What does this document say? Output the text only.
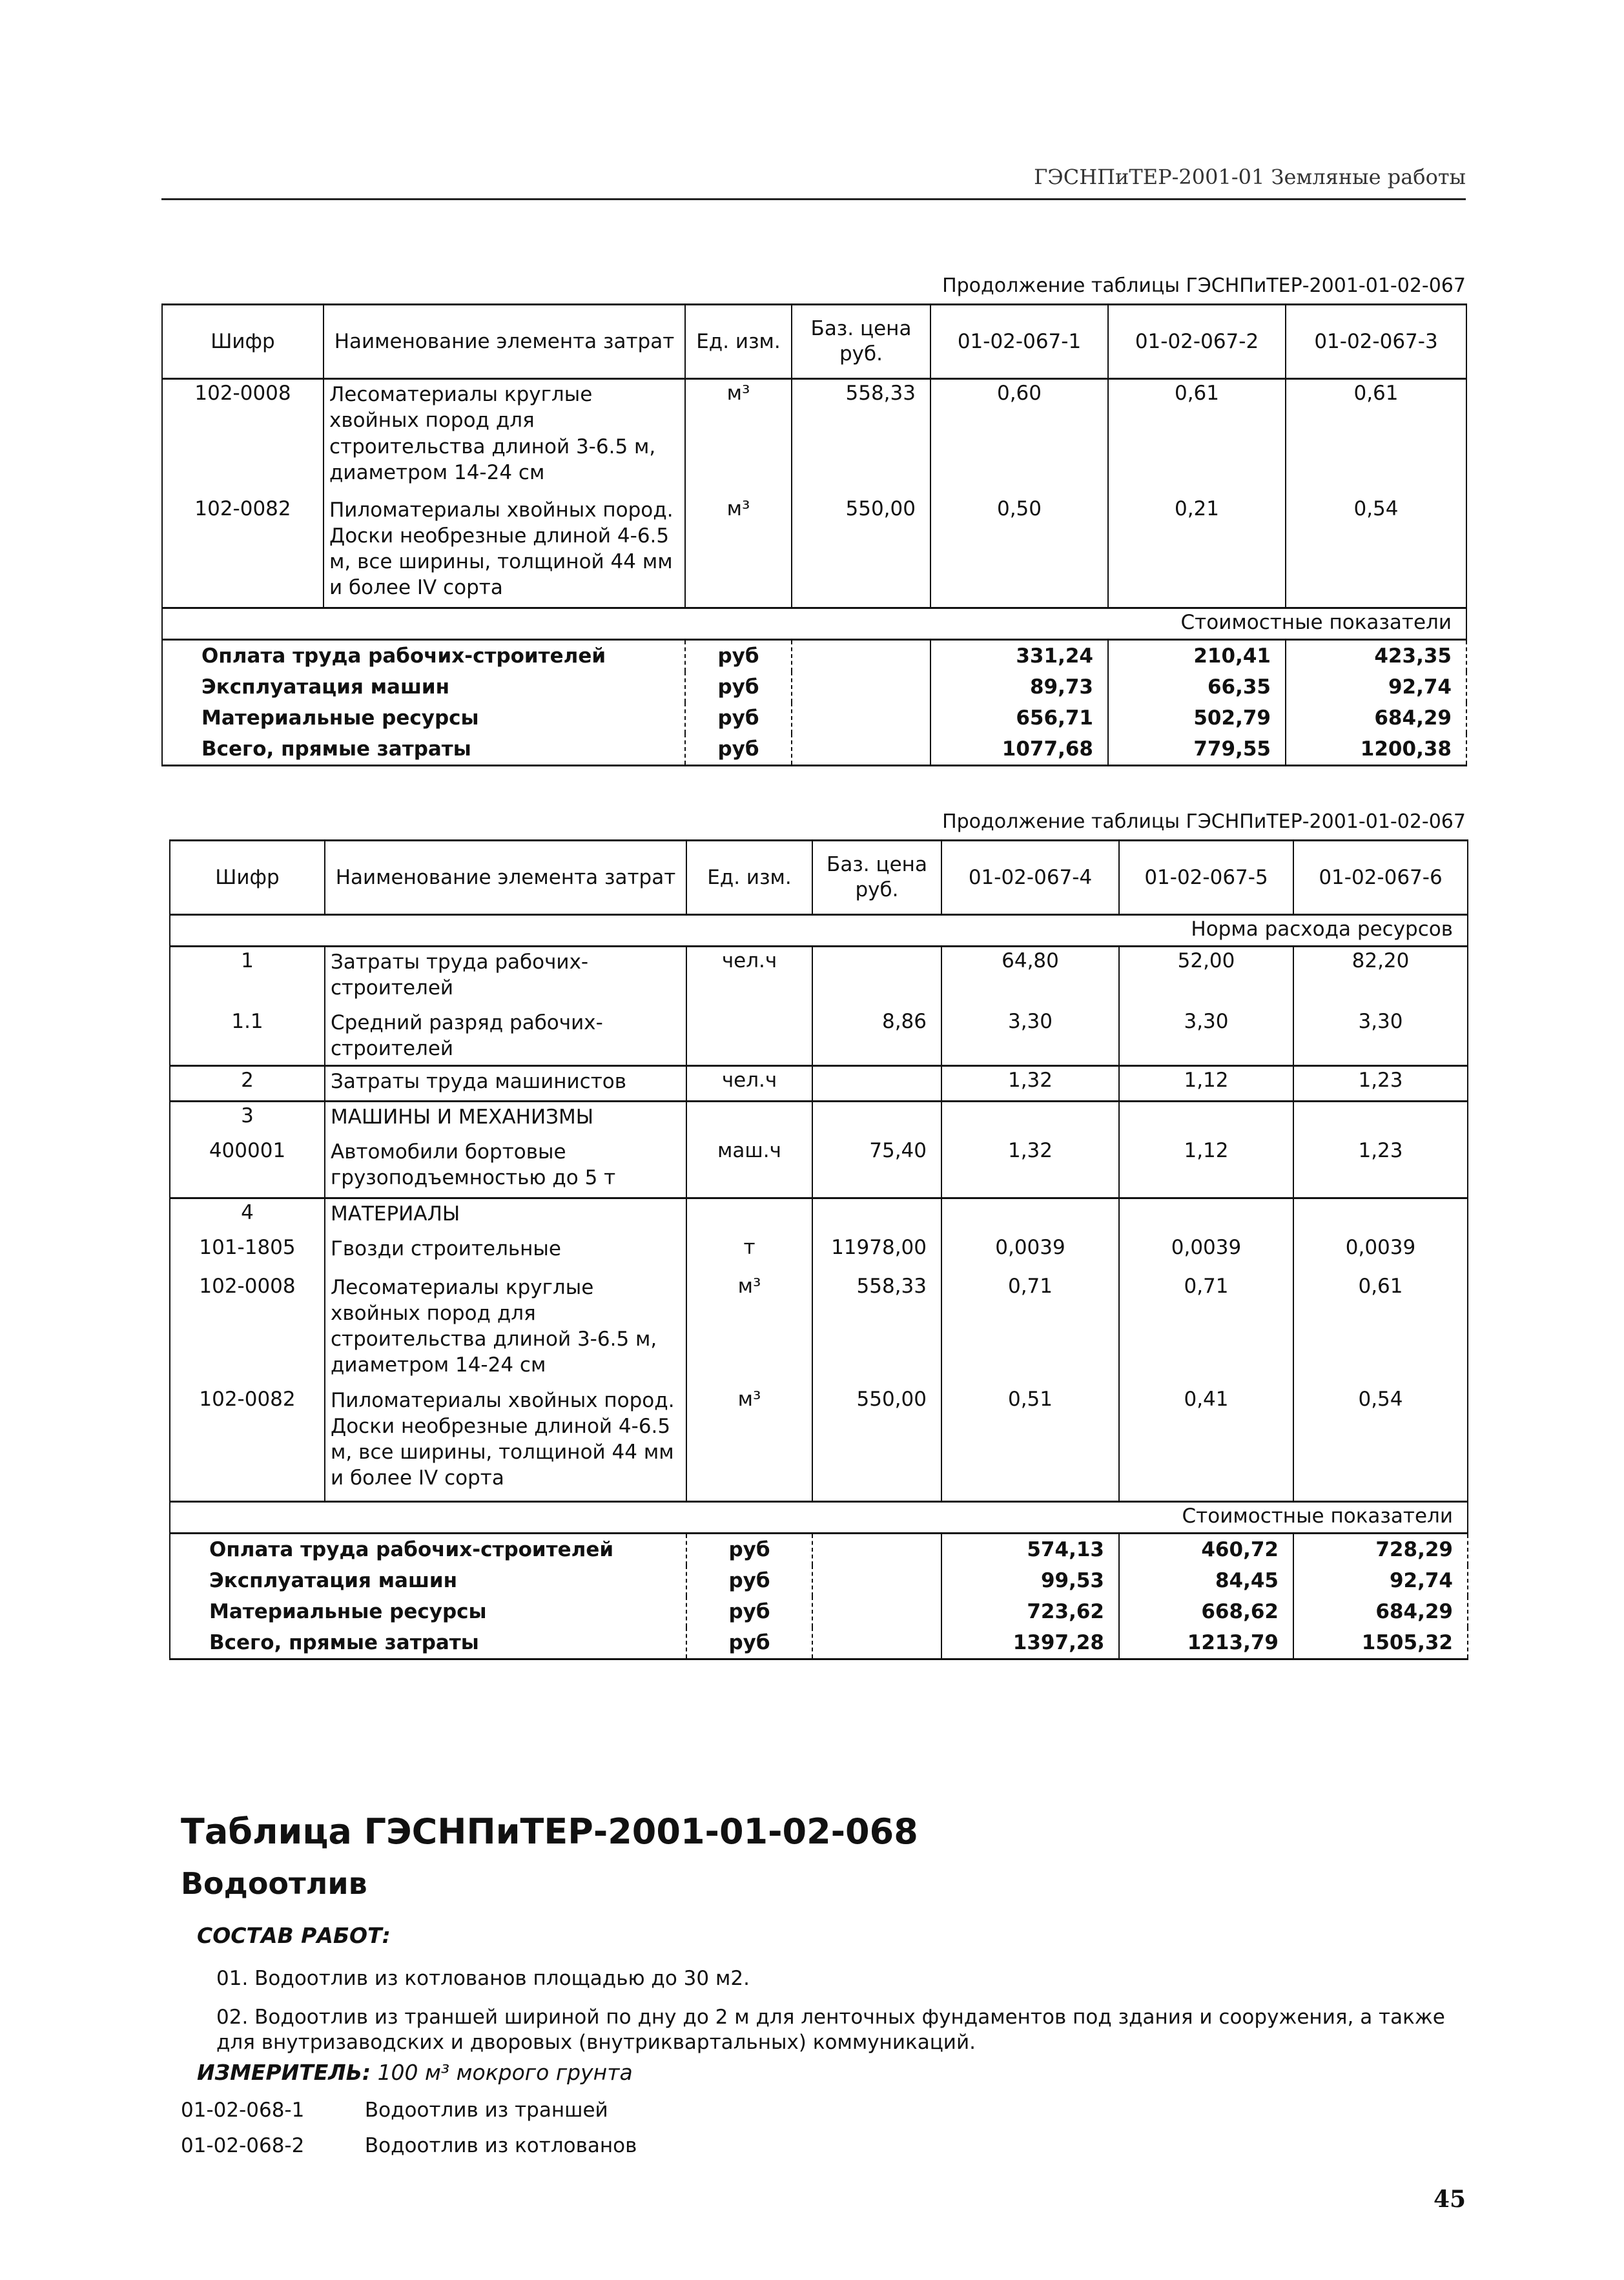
ГЭСНПиТЕР-2001-01 Земляные работы
Продолжение таблицы ГЭСНПиТЕР-2001-01-02-067
Шифр	Наименование элемента затрат	Ед. изм.	Баз. цена руб.	01-02-067-1	01-02-067-2	01-02-067-3
102-0008	Лесоматериалы круглые хвойных пород для строительства длиной 3-6.5 м, диаметром 14-24 см	м³	558,33	0,60	0,61	0,61
102-0082	Пиломатериалы хвойных пород. Доски необрезные длиной 4-6.5 м, все ширины, толщиной 44 мм и более IV сорта	м³	550,00	0,50	0,21	0,54
Стоимостные показатели						
Оплата труда рабочих-строителей		руб		331,24	210,41	423,35
Эксплуатация машин		руб		89,73	66,35	92,74
Материальные ресурсы		руб		656,71	502,79	684,29
Всего, прямые затраты		руб		1077,68	779,55	1200,38
Продолжение таблицы ГЭСНПиТЕР-2001-01-02-067
Шифр	Наименование элемента затрат	Ед. изм.	Баз. цена руб.	01-02-067-4	01-02-067-5	01-02-067-6
Норма расхода ресурсов						
1	Затраты труда рабочих-строителей	чел.ч		64,80	52,00	82,20
1.1	Средний разряд рабочих-строителей		8,86	3,30	3,30	3,30
2	Затраты труда машинистов	чел.ч		1,32	1,12	1,23
3	МАШИНЫ И МЕХАНИЗМЫ					
400001	Автомобили бортовые грузоподъемностью до 5 т	маш.ч	75,40	1,32	1,12	1,23
4	МАТЕРИАЛЫ					
101-1805	Гвозди строительные	т	11978,00	0,0039	0,0039	0,0039
102-0008	Лесоматериалы круглые хвойных пород для строительства длиной 3-6.5 м, диаметром 14-24 см	м³	558,33	0,71	0,71	0,61
102-0082	Пиломатериалы хвойных пород. Доски необрезные длиной 4-6.5 м, все ширины, толщиной 44 мм и более IV сорта	м³	550,00	0,51	0,41	0,54
Стоимостные показатели						
Оплата труда рабочих-строителей		руб		574,13	460,72	728,29
Эксплуатация машин		руб		99,53	84,45	92,74
Материальные ресурсы		руб		723,62	668,62	684,29
Всего, прямые затраты		руб		1397,28	1213,79	1505,32
Таблица ГЭСНПиТЕР-2001-01-02-068
Водоотлив
СОСТАВ РАБОТ:
01. Водоотлив из котлованов площадью до 30 м2.
02. Водоотлив из траншей шириной по дну до 2 м для ленточных фундаментов под здания и сооружения, а также для внутризаводских и дворовых (внутриквартальных) коммуникаций.
ИЗМЕРИТЕЛЬ: 100 м³ мокрого грунта
01-02-068-1	Водоотлив из траншей
01-02-068-2	Водоотлив из котлованов
45
